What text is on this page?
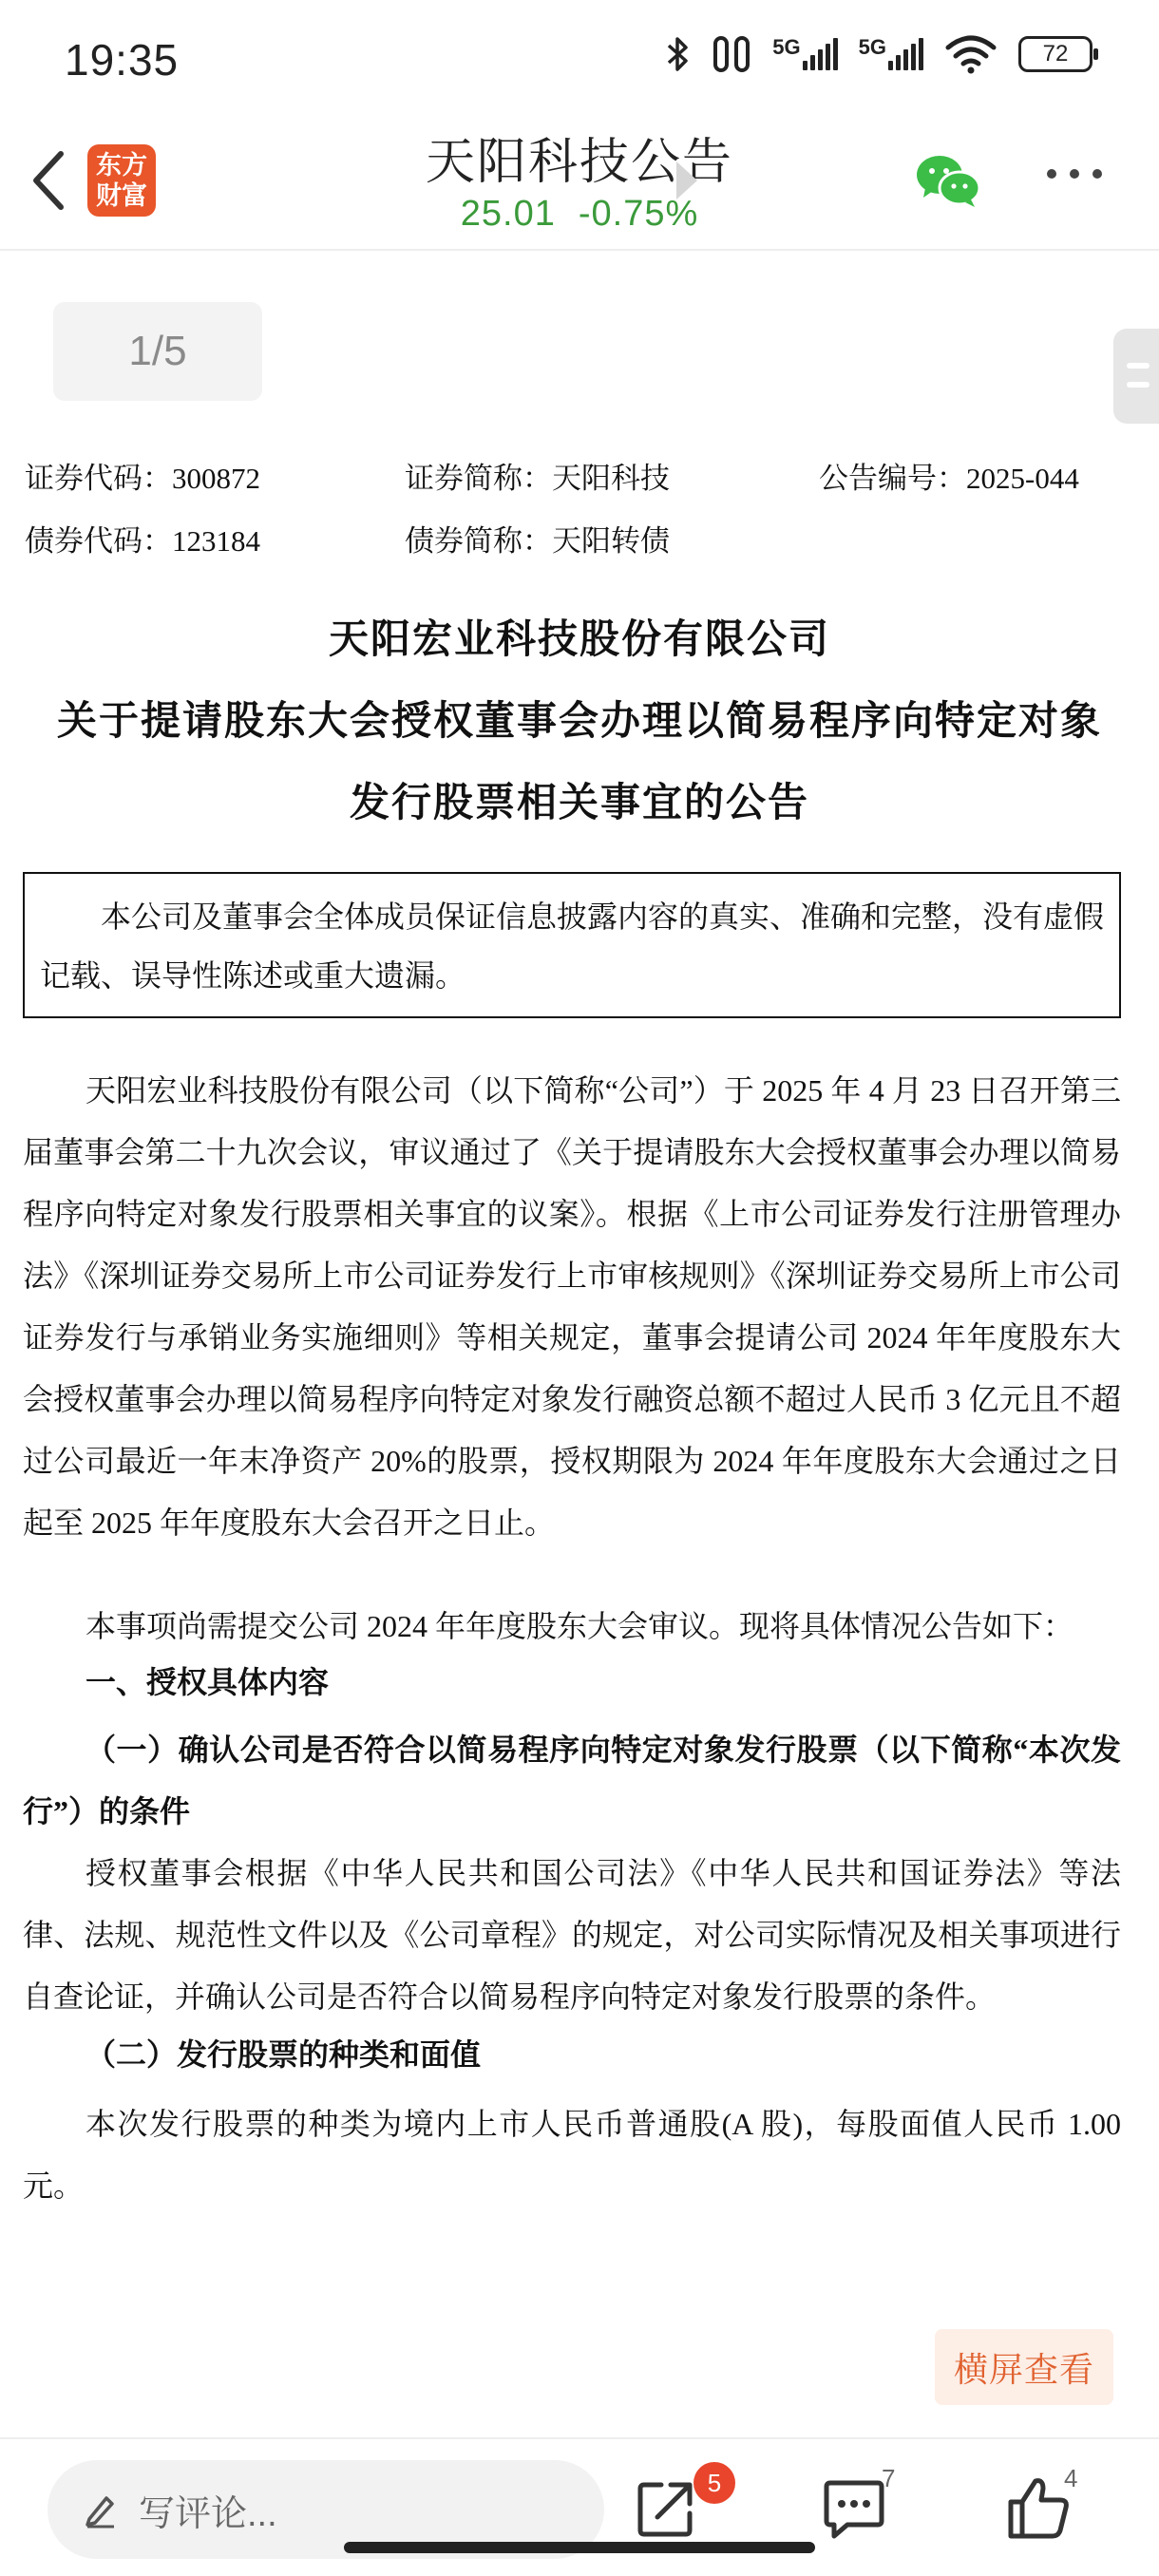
19:35	5G	5G	72
东方
财富
天阳科技公告
25.01 -0.75%
1/5
证券代码：300872	证券简称：天阳科技	公告编号：2025-044
债券代码：123184	债券简称：天阳转债
天阳宏业科技股份有限公司
关于提请股东大会授权董事会办理以简易程序向特定对象
发行股票相关事宜的公告
本公司及董事会全体成员保证信息披露内容的真实、准确和完整，没有虚假记载、误导性陈述或重大遗漏。
天阳宏业科技股份有限公司（以下简称“公司”）于 2025 年 4 月 23 日召开第三届董事会第二十九次会议，审议通过了《关于提请股东大会授权董事会办理以简易程序向特定对象发行股票相关事宜的议案》。根据《上市公司证券发行注册管理办法》《深圳证券交易所上市公司证券发行上市审核规则》《深圳证券交易所上市公司证券发行与承销业务实施细则》等相关规定，董事会提请公司 2024 年年度股东大会授权董事会办理以简易程序向特定对象发行融资总额不超过人民币 3 亿元且不超过公司最近一年末净资产 20%的股票，授权期限为 2024 年年度股东大会通过之日起至 2025 年年度股东大会召开之日止。
本事项尚需提交公司 2024 年年度股东大会审议。现将具体情况公告如下：
一、授权具体内容
（一）确认公司是否符合以简易程序向特定对象发行股票（以下简称“本次发行”）的条件
授权董事会根据《中华人民共和国公司法》《中华人民共和国证券法》等法律、法规、规范性文件以及《公司章程》的规定，对公司实际情况及相关事项进行自查论证，并确认公司是否符合以简易程序向特定对象发行股票的条件。
（二）发行股票的种类和面值
本次发行股票的种类为境内上市人民币普通股(A 股)，每股面值人民币 1.00 元。
横屏查看
写评论...
5	7	4
